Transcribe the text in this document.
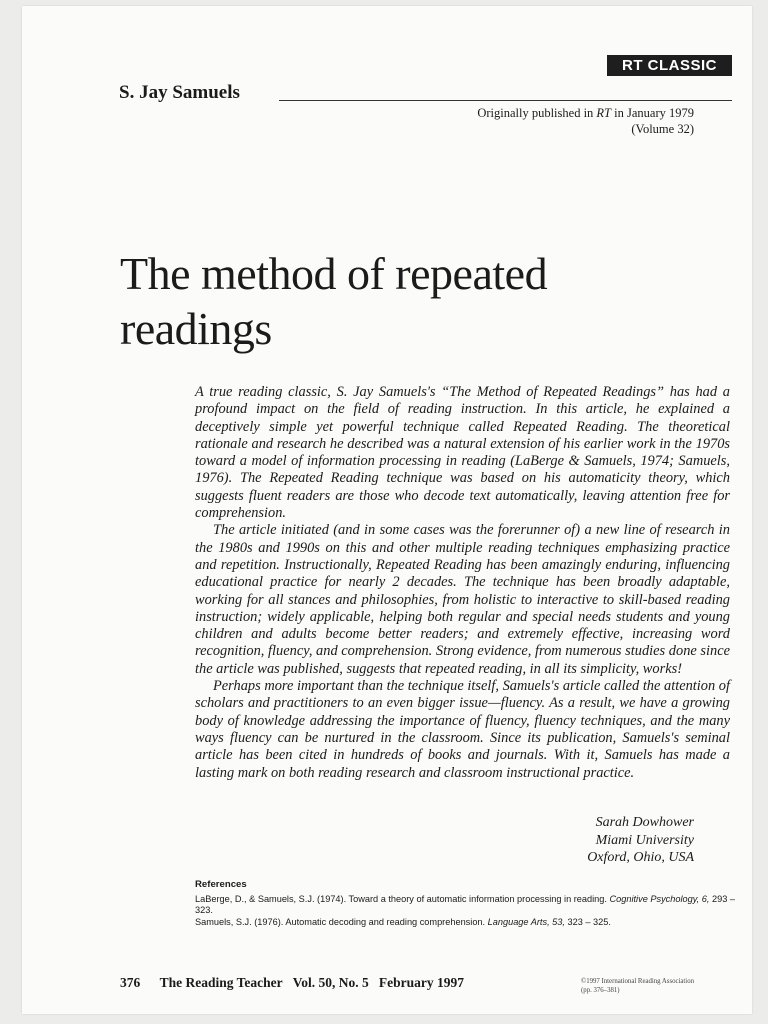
RT CLASSIC
S. Jay Samuels
Originally published in RT in January 1979
(Volume 32)
The method of repeated
readings

A true reading classic, S. Jay Samuels's “The Method of Repeated Readings” has had a profound impact on the field of reading instruction. In this article, he explained a deceptively simple yet powerful technique called Repeated Reading. The theoretical rationale and research he described was a natural extension of his earlier work in the 1970s toward a model of information processing in reading (LaBerge & Samuels, 1974; Samuels, 1976). The Repeated Reading technique was based on his automaticity theory, which suggests fluent readers are those who decode text automatically, leaving attention free for comprehension.

The article initiated (and in some cases was the forerunner of) a new line of research in the 1980s and 1990s on this and other multiple reading techniques emphasizing practice and repetition. Instructionally, Repeated Reading has been amazingly enduring, influencing educational practice for nearly 2 decades. The technique has been broadly adaptable, working for all stances and philosophies, from holistic to interactive to skill-based reading instruction; widely applicable, helping both regular and special needs students and young children and adults become better readers; and extremely effective, increasing word recognition, fluency, and comprehension. Strong evidence, from numerous studies done since the article was published, suggests that repeated reading, in all its simplicity, works!

Perhaps more important than the technique itself, Samuels's article called the attention of scholars and practitioners to an even bigger issue—fluency. As a result, we have a growing body of knowledge addressing the importance of fluency, fluency techniques, and the many ways fluency can be nurtured in the classroom. Since its publication, Samuels's seminal article has been cited in hundreds of books and journals. With it, Samuels has made a lasting mark on both reading research and classroom instructional practice.

Sarah Dowhower
Miami University
Oxford, Ohio, USA
References
LaBerge, D., & Samuels, S.J. (1974). Toward a theory of automatic information processing in reading. Cognitive Psychology, 6, 293 – 323.
Samuels, S.J. (1976). Automatic decoding and reading comprehension. Language Arts, 53, 323 – 325.
376 The Reading Teacher Vol. 50, No. 5 February 1997	©1997 International Reading Association
(pp. 376–381)
